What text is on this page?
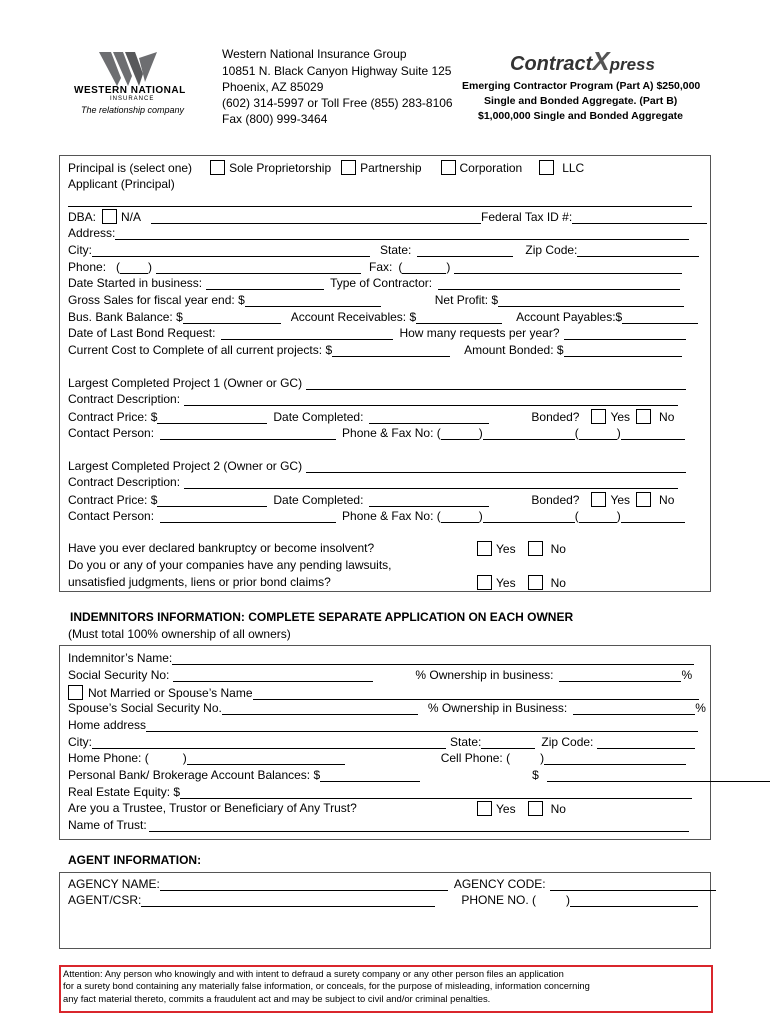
WESTERN NATIONAL
INSURANCE
The relationship company
Western National Insurance Group
10851 N. Black Canyon Highway Suite 125
Phoenix, AZ 85029
(602) 314-5997 or Toll Free (855) 283-8106
Fax (800) 999-3464
ContractXpress
Emerging Contractor Program (Part A) $250,000
Single and Bonded Aggregate. (Part B)
$1,000,000 Single and Bonded Aggregate
Principal is (select one)	Sole Proprietorship Partnership	Corporation	LLC
Applicant (Principal)
DBA: N/A	Federal Tax ID #:
Address:
City:	State:	Zip Code:
Phone: ( )	Fax: (	)
Date Started in business:	Type of Contractor:
Gross Sales for fiscal year end: $	Net Profit: $
Bus. Bank Balance: $	Account Receivables: $	Account Payables:$
Date of Last Bond Request:	How many requests per year?
Current Cost to Complete of all current projects: $	Amount Bonded: $
Largest Completed Project 1 (Owner or GC)
Contract Description:
Contract Price: $	Date Completed:	Bonded?	Yes No
Contact Person:	Phone & Fax No: (	)	(	)
Largest Completed Project 2 (Owner or GC)
Contract Description:
Contract Price: $	Date Completed:	Bonded?	Yes No
Contact Person:	Phone & Fax No: (	)	(	)
Have you ever declared bankruptcy or become insolvent?	Yes	No
Do you or any of your companies have any pending lawsuits,
unsatisfied judgments, liens or prior bond claims?	Yes	No
INDEMNITORS INFORMATION: COMPLETE SEPARATE APPLICATION ON EACH OWNER
(Must total 100% ownership of all owners)
Indemnitor’s Name:
Social Security No:	% Ownership in business:	%
Not Married or Spouse’s Name
Spouse’s Social Security No.	% Ownership in Business:	%
Home address
City:	State:	Zip Code:
Home Phone: (	)	Cell Phone: (	)
Personal Bank/ Brokerage Account Balances: $	$
Real Estate Equity: $
Are you a Trustee, Trustor or Beneficiary of Any Trust?	Yes	No
Name of Trust:
AGENT INFORMATION:
AGENCY NAME:	AGENCY CODE:
AGENT/CSR:	PHONE NO. (	)
Attention: Any person who knowingly and with intent to defraud a surety company or any other person files an application
for a surety bond containing any materially false information, or conceals, for the purpose of misleading, information concerning
any fact material thereto, commits a fraudulent act and may be subject to civil and/or criminal penalties.
